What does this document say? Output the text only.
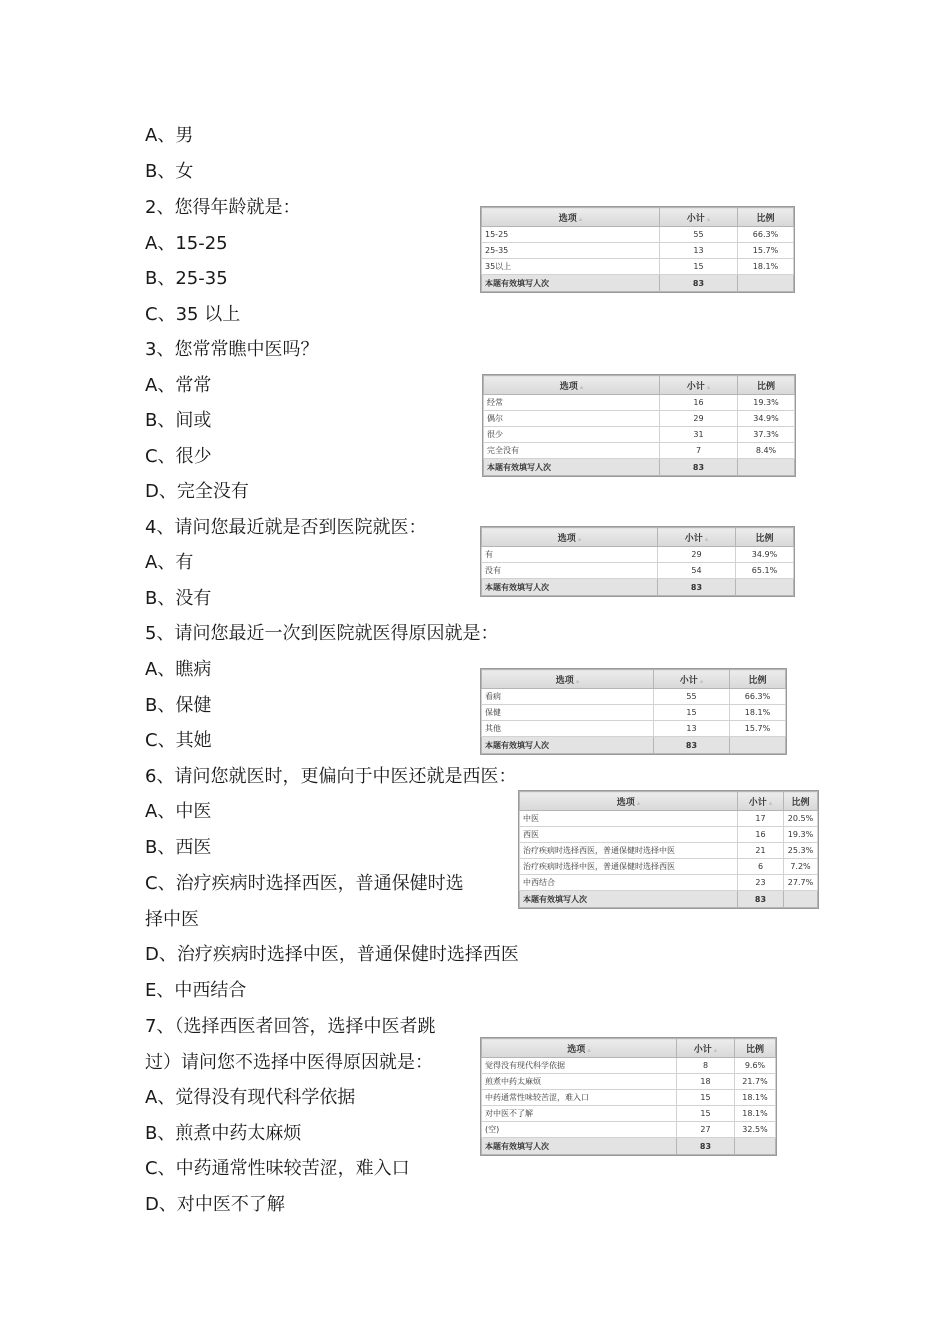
A、男
B、女
2、您得年龄就是：
A、15-25
B、25-35
C、35 以上
3、您常常瞧中医吗？
A、常常
B、间或
C、很少
D、完全没有
4、请问您最近就是否到医院就医：
A、有
B、没有
5、请问您最近一次到医院就医得原因就是：
A、瞧病
B、保健
C、其她
6、请问您就医时，更偏向于中医还就是西医：
A、中医
B、西医
C、治疗疾病时选择西医，普通保健时选
择中医
D、治疗疾病时选择中医，普通保健时选择西医
E、中西结合
7、（选择西医者回答，选择中医者跳
过）请问您不选择中医得原因就是：
A、觉得没有现代科学依据
B、煎煮中药太麻烦
C、中药通常性味较苦涩，难入口
D、对中医不了解
选项 ▴	小计 ▴	比例
15-25	55	66.3%
25-35	13	15.7%
35以上	15	18.1%
本题有效填写人次	83	
选项 ▴	小计 ▴	比例
经常	16	19.3%
偶尔	29	34.9%
很少	31	37.3%
完全没有	7	8.4%
本题有效填写人次	83	
选项 ▴	小计 ▴	比例
有	29	34.9%
没有	54	65.1%
本题有效填写人次	83	
选项 ▴	小计 ▴	比例
看病	55	66.3%
保健	15	18.1%
其他	13	15.7%
本题有效填写人次	83	
选项 ▴	小计 ▴	比例
中医	17	20.5%
西医	16	19.3%
治疗疾病时选择西医，普通保健时选择中医	21	25.3%
治疗疾病时选择中医，普通保健时选择西医	6	7.2%
中西结合	23	27.7%
本题有效填写人次	83	
选项 ▴	小计 ▴	比例
觉得没有现代科学依据	8	9.6%
煎煮中药太麻烦	18	21.7%
中药通常性味较苦涩，难入口	15	18.1%
对中医不了解	15	18.1%
(空)	27	32.5%
本题有效填写人次	83	
